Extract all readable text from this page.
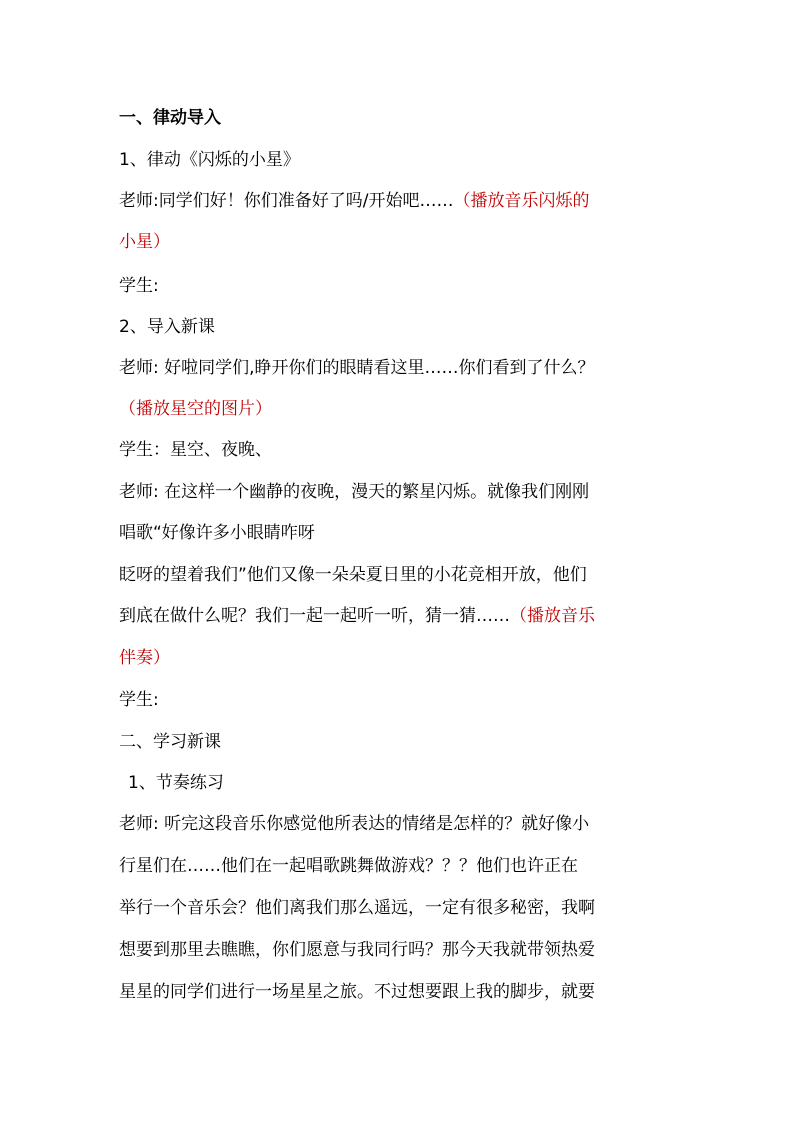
一、律动导入
1、律动《闪烁的小星》
老师:同学们好！你们准备好了吗/开始吧……（播放音乐闪烁的
小星）
学生:
2、导入新课
老师: 好啦同学们,睁开你们的眼睛看这里……你们看到了什么？
（播放星空的图片）
学生：星空、夜晚、
老师: 在这样一个幽静的夜晚，漫天的繁星闪烁。就像我们刚刚
唱歌“好像许多小眼睛咋呀
眨呀的望着我们”他们又像一朵朵夏日里的小花竞相开放，他们
到底在做什么呢？我们一起一起听一听，猜一猜……（播放音乐
伴奏）
学生:
二、学习新课
1、节奏练习
老师: 听完这段音乐你感觉他所表达的情绪是怎样的？就好像小
行星们在……他们在一起唱歌跳舞做游戏？？？他们也许正在
举行一个音乐会？他们离我们那么遥远，一定有很多秘密，我啊
想要到那里去瞧瞧，你们愿意与我同行吗？那今天我就带领热爱
星星的同学们进行一场星星之旅。不过想要跟上我的脚步，就要
